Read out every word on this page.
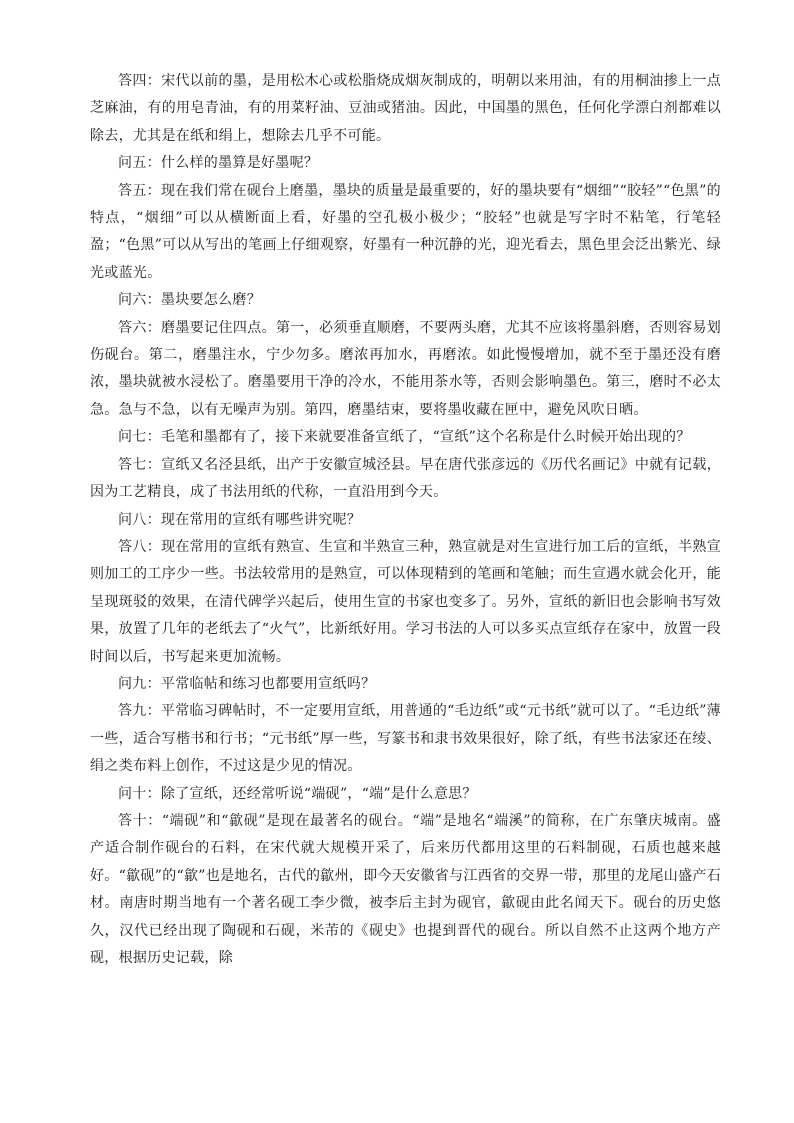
答四：宋代以前的墨，是用松木心或松脂烧成烟灰制成的，明朝以来用油，有的用桐油掺上一点芝麻油，有的用皂青油，有的用菜籽油、豆油或猪油。因此，中国墨的黑色，任何化学漂白剂都难以除去，尤其是在纸和绢上，想除去几乎不可能。

问五：什么样的墨算是好墨呢？

答五：现在我们常在砚台上磨墨，墨块的质量是最重要的，好的墨块要有“烟细”“胶轻”“色黑”的特点，“烟细”可以从横断面上看，好墨的空孔极小极少；“胶轻”也就是写字时不粘笔，行笔轻盈；“色黑”可以从写出的笔画上仔细观察，好墨有一种沉静的光，迎光看去，黑色里会泛出紫光、绿光或蓝光。

问六：墨块要怎么磨？

答六：磨墨要记住四点。第一，必须垂直顺磨，不要两头磨，尤其不应该将墨斜磨，否则容易划伤砚台。第二，磨墨注水，宁少勿多。磨浓再加水，再磨浓。如此慢慢增加，就不至于墨还没有磨浓，墨块就被水浸松了。磨墨要用干净的冷水，不能用茶水等，否则会影响墨色。第三，磨时不必太急。急与不急，以有无噪声为别。第四，磨墨结束，要将墨收藏在匣中，避免风吹日晒。

问七：毛笔和墨都有了，接下来就要准备宣纸了，“宣纸”这个名称是什么时候开始出现的？

答七：宣纸又名泾县纸，出产于安徽宣城泾县。早在唐代张彦远的《历代名画记》中就有记载，因为工艺精良，成了书法用纸的代称，一直沿用到今天。

问八：现在常用的宣纸有哪些讲究呢？

答八：现在常用的宣纸有熟宣、生宣和半熟宣三种，熟宣就是对生宣进行加工后的宣纸，半熟宣则加工的工序少一些。书法较常用的是熟宣，可以体现精到的笔画和笔触；而生宣遇水就会化开，能呈现斑驳的效果，在清代碑学兴起后，使用生宣的书家也变多了。另外，宣纸的新旧也会影响书写效果，放置了几年的老纸去了“火气”，比新纸好用。学习书法的人可以多买点宣纸存在家中，放置一段时间以后，书写起来更加流畅。

问九：平常临帖和练习也都要用宣纸吗？

答九：平常临习碑帖时，不一定要用宣纸，用普通的“毛边纸”或“元书纸”就可以了。“毛边纸”薄一些，适合写楷书和行书；“元书纸”厚一些，写篆书和隶书效果很好，除了纸，有些书法家还在绫、绢之类布料上创作，不过这是少见的情况。

问十：除了宣纸，还经常听说“端砚”，“端”是什么意思？

答十：“端砚”和“歙砚”是现在最著名的砚台。“端”是地名“端溪”的简称，在广东肇庆城南。盛产适合制作砚台的石料，在宋代就大规模开采了，后来历代都用这里的石料制砚，石质也越来越好。“歙砚”的“歙”也是地名，古代的歙州，即今天安徽省与江西省的交界一带，那里的龙尾山盛产石材。南唐时期当地有一个著名砚工李少微，被李后主封为砚官，歙砚由此名闻天下。砚台的历史悠久，汉代已经出现了陶砚和石砚，米芾的《砚史》也提到晋代的砚台。所以自然不止这两个地方产砚，根据历史记载，除
